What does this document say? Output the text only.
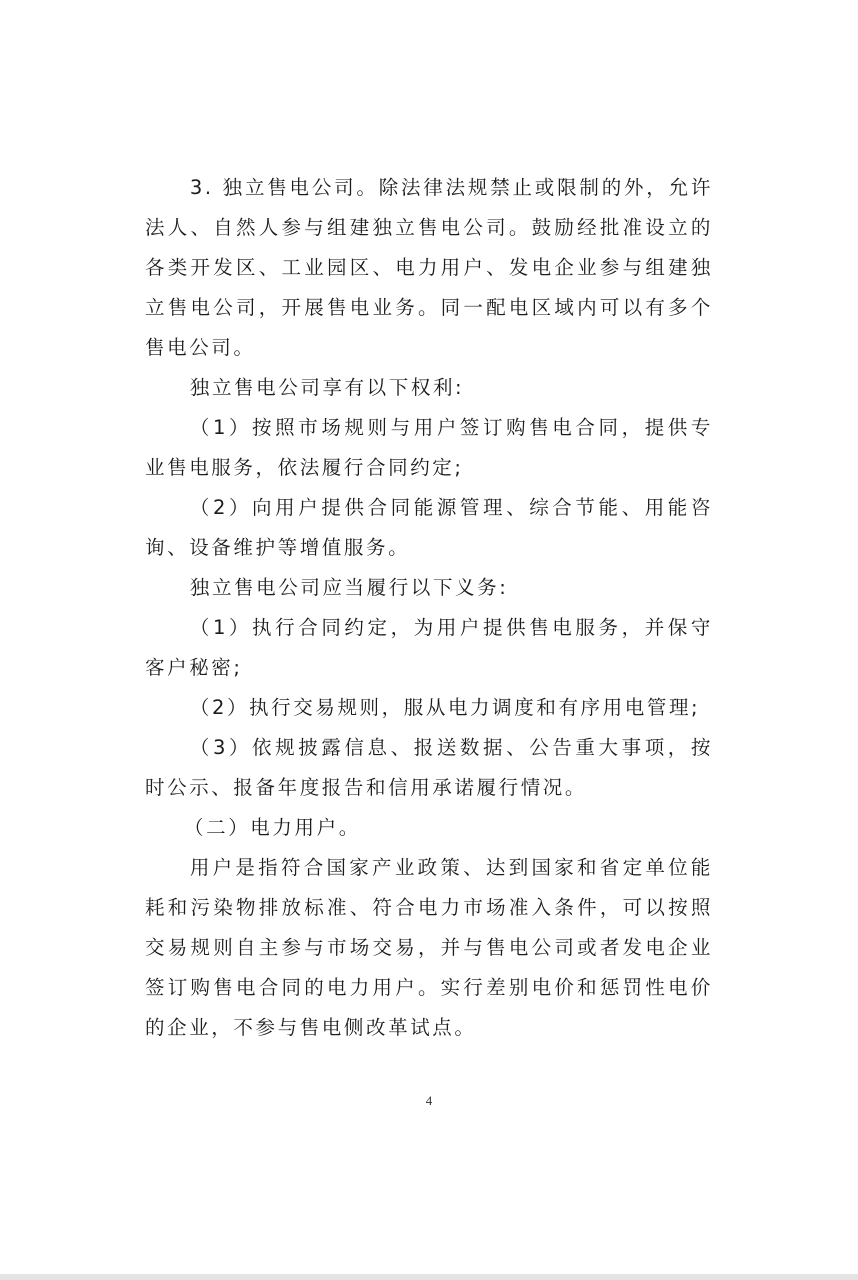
3. 独立售电公司。除法律法规禁止或限制的外，允许法人、自然人参与组建独立售电公司。鼓励经批准设立的各类开发区、工业园区、电力用户、发电企业参与组建独立售电公司，开展售电业务。同一配电区域内可以有多个售电公司。

独立售电公司享有以下权利:

（1）按照市场规则与用户签订购售电合同，提供专业售电服务，依法履行合同约定;

（2）向用户提供合同能源管理、综合节能、用能咨询、设备维护等增值服务。

独立售电公司应当履行以下义务:

（1）执行合同约定，为用户提供售电服务，并保守客户秘密;

（2）执行交易规则，服从电力调度和有序用电管理;

（3）依规披露信息、报送数据、公告重大事项，按时公示、报备年度报告和信用承诺履行情况。

（二）电力用户。

用户是指符合国家产业政策、达到国家和省定单位能耗和污染物排放标准、符合电力市场准入条件，可以按照交易规则自主参与市场交易，并与售电公司或者发电企业签订购售电合同的电力用户。实行差别电价和惩罚性电价的企业，不参与售电侧改革试点。

4
